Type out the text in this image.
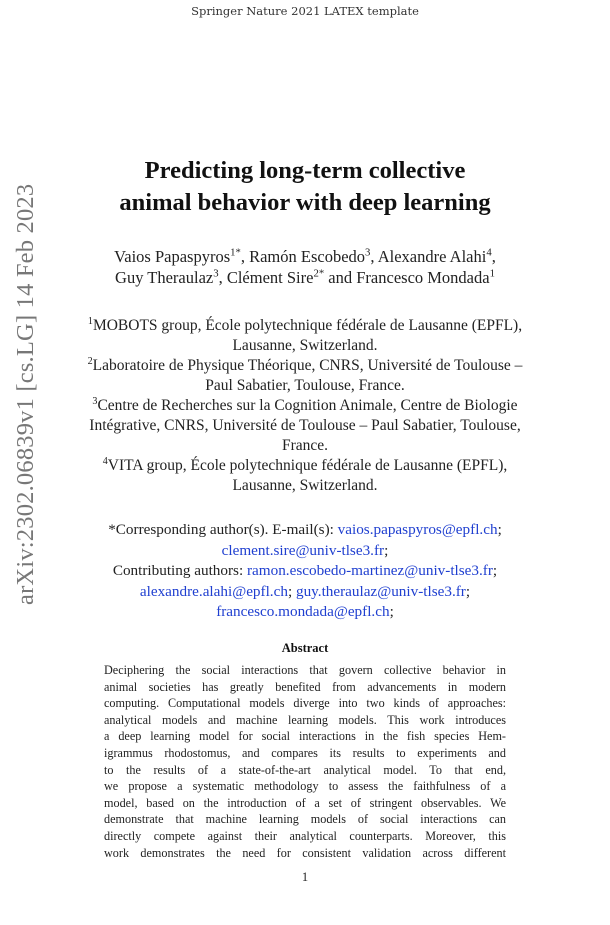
Springer Nature 2021 LATEX template
arXiv:2302.06839v1 [cs.LG] 14 Feb 2023
Predicting long-term collective
animal behavior with deep learning
Vaios Papaspyros$^{1*}$, Ramón Escobedo$^3$, Alexandre Alahi$^4$, Guy Theraulaz$^3$, Clément Sire$^{2*}$ and Francesco Mondada$^1$
$^1$MOBOTS group, École polytechnique fédérale de Lausanne (EPFL), Lausanne, Switzerland.
$^2$Laboratoire de Physique Théorique, CNRS, Université de Toulouse – Paul Sabatier, Toulouse, France.
$^3$Centre de Recherches sur la Cognition Animale, Centre de Biologie Intégrative, CNRS, Université de Toulouse – Paul Sabatier, Toulouse, France.
$^4$VITA group, École polytechnique fédérale de Lausanne (EPFL), Lausanne, Switzerland.
*Corresponding author(s). E-mail(s): vaios.papaspyros@epfl.ch; clement.sire@univ-tlse3.fr;
Contributing authors: ramon.escobedo-martinez@univ-tlse3.fr; alexandre.alahi@epfl.ch; guy.theraulaz@univ-tlse3.fr; francesco.mondada@epfl.ch;
Abstract
Deciphering the social interactions that govern collective behavior in
animal societies has greatly benefited from advancements in modern
computing. Computational models diverge into two kinds of approaches:
analytical models and machine learning models. This work introduces
a deep learning model for social interactions in the fish species Hem-
igrammus rhodostomus, and compares its results to experiments and
to the results of a state-of-the-art analytical model. To that end,
we propose a systematic methodology to assess the faithfulness of a
model, based on the introduction of a set of stringent observables. We
demonstrate that machine learning models of social interactions can
directly compete against their analytical counterparts. Moreover, this
work demonstrates the need for consistent validation across different
1
